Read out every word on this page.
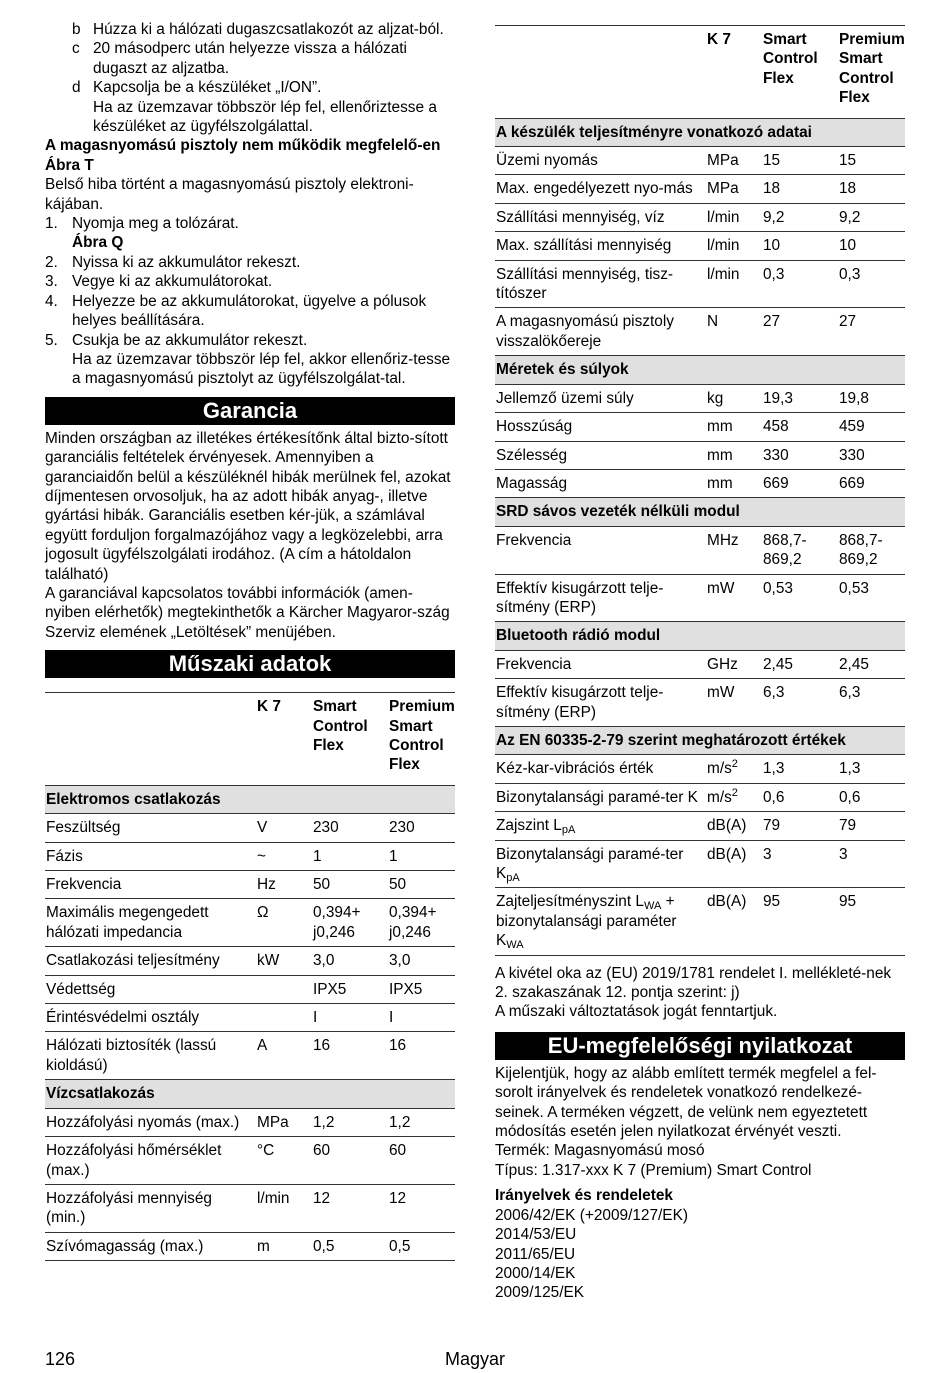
b Húzza ki a hálózati dugaszcsatlakozót az aljzat-ból.
c 20 másodperc után helyezze vissza a hálózati dugaszt az aljzatba.
d Kapcsolja be a készüléket „I/ON”.
Ha az üzemzavar többször lép fel, ellenőriztesse a készüléket az ügyfélszolgálattal.
A magasnyomású pisztoly nem működik megfelelő-en
Ábra T
Belső hiba történt a magasnyomású pisztoly elektroni-kájában.
1. Nyomja meg a tolózárat.
Ábra Q
2. Nyissa ki az akkumulátor rekeszt.
3. Vegye ki az akkumulátorokat.
4. Helyezze be az akkumulátorokat, ügyelve a pólusok helyes beállítására.
5. Csukja be az akkumulátor rekeszt.
Ha az üzemzavar többször lép fel, akkor ellenőriz-tesse a magasnyomású pisztolyt az ügyfélszolgálat-tal.
Garancia
Minden országban az illetékes értékesítőnk által bizto-sított garanciális feltételek érvényesek. Amennyiben a garanciaidőn belül a készüléknél hibák merülnek fel, azokat díjmentesen orvosoljuk, ha az adott hibák anyag-, illetve gyártási hibák. Garanciális esetben kér-jük, a számlával együtt forduljon forgalmazójához vagy a legközelebbi, arra jogosult ügyfélszolgálati irodához. (A cím a hátoldalon található)
A garanciával kapcsolatos további információk (amen-nyiben elérhetők) megtekinthetők a Kärcher Magyaror-szág Szerviz elemének „Letöltések” menüjében.
Műszaki adatok
	K 7	Smart Control Flex	Premium Smart Control Flex
Elektromos csatlakozás			
Feszültség	V	230	230
Fázis	~	1	1
Frekvencia	Hz	50	50
Maximális megengedett hálózati impedancia	Ω	0,394+ j0,246	0,394+ j0,246
Csatlakozási teljesítmény	kW	3,0	3,0
Védettség		IPX5	IPX5
Érintésvédelmi osztály		I	I
Hálózati biztosíték (lassú kioldású)	A	16	16
Vízcsatlakozás			
Hozzáfolyási nyomás (max.)	MPa	1,2	1,2
Hozzáfolyási hőmérséklet (max.)	°C	60	60
Hozzáfolyási mennyiség (min.)	l/min	12	12
Szívómagasság (max.)	m	0,5	0,5
	K 7	Smart Control Flex	Premium Smart Control Flex
A készülék teljesítményre vonatkozó adatai			
Üzemi nyomás	MPa	15	15
Max. engedélyezett nyo-más	MPa	18	18
Szállítási mennyiség, víz	l/min	9,2	9,2
Max. szállítási mennyiség	l/min	10	10
Szállítási mennyiség, tisz-títószer	l/min	0,3	0,3
A magasnyomású pisztoly visszalökőereje	N	27	27
Méretek és súlyok			
Jellemző üzemi súly	kg	19,3	19,8
Hosszúság	mm	458	459
Szélesség	mm	330	330
Magasság	mm	669	669
SRD sávos vezeték nélküli modul			
Frekvencia	MHz	868,7- 869,2	868,7- 869,2
Effektív kisugárzott telje-sítmény (ERP)	mW	0,53	0,53
Bluetooth rádió modul			
Frekvencia	GHz	2,45	2,45
Effektív kisugárzott telje-sítmény (ERP)	mW	6,3	6,3
Az EN 60335-2-79 szerint meghatározott értékek			
Kéz-kar-vibrációs érték	$m/s^2$	1,3	1,3
Bizonytalansági paramé-ter K	$m/s^2$	0,6	0,6
Zajszint $L_{pA}$	dB(A)	79	79
Bizonytalansági paramé-ter $K_{pA}$	dB(A)	3	3
Zajteljesítményszint $L_{WA}$ + bizonytalansági paraméter $K_{WA}$	dB(A)	95	95
A kivétel oka az (EU) 2019/1781 rendelet I. mellékleté-nek 2. szakaszának 12. pontja szerint: j)
A műszaki változtatások jogát fenntartjuk.
EU-megfelelőségi nyilatkozat
Kijelentjük, hogy az alább említett termék megfelel a fel-sorolt irányelvek és rendeletek vonatkozó rendelkezé-seinek. A terméken végzett, de velünk nem egyeztetett módosítás esetén jelen nyilatkozat érvényét veszti.
Termék: Magasnyomású mosó
Típus: 1.317-xxx K 7 (Premium) Smart Control
Irányelvek és rendeletek
2006/42/EK (+2009/127/EK)
2014/53/EU
2011/65/EU
2000/14/EK
2009/125/EK
126	Magyar
